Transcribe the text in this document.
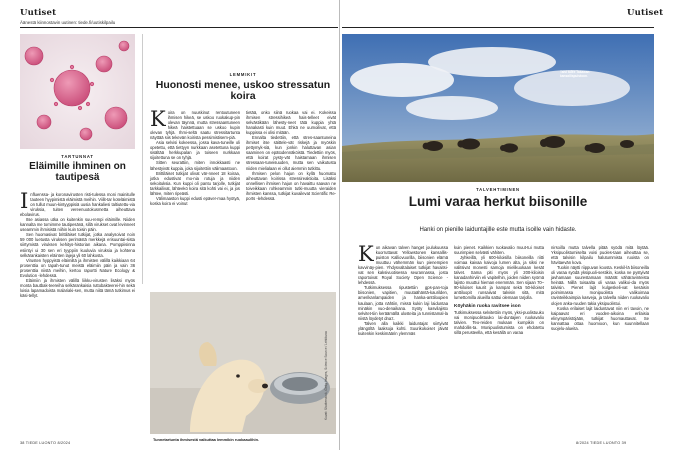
Uutiset
Äänestä kiinnostavin uutinen: tiede.fi/uutiskilpailu
Uutiset
TARTUNNAT
Eläimille ihminen on tautipesä
I nfluenssa- ja koronavirusten risti-tulessa moni mainitulle tauteen hyypimistä eläimistä meihin. Viilit-tar koteläimistä on tullut muun-kintyyppisiä uusia hankaliesi taltiutettu-via viruksia, tuiten vereenuotokusmetta aiheuttava ebolavirus.

Itse asiassa utka on kuitenkin suu-rempi eläimille. Niiden kannalta me tomimme tautipesänä, sillä virukset ovat levinneet useammin ihmisistä niihin kuin toisin päin.

Sen huomasivat brittiläiset tutkijat, jotka analysoivat noin 59 000 luetusta viruksen perimästä merkkejä erisuuntai-sista siirtymistä viruksen kehitys-historian aikana. Pomppiisinna esiintyi ui 30 sen eri tyyppiin kuuluvia viruksia ja kohtena selkärankaisten eläinten lajeja yli 60 lahkosta.

Virusten hyppyistä eläimiltä ja ihmisten välillä kaikkiaan 64 prosenttia on tapah-tunut meistä eläimiin päin ja vain 36 prosenttia niistä meihin, kertoo raportti Nature Ecology & Evolution -lehdessä.

Eläimiin ja ihmisten välillä liikku-virusten lisäksi myös monta bautbak-teereiha selkärankaisia ruttobakteerei-hin sekä loisia lapamadoista malariaki-sen, mutta niitä tämä tutkimus ei käsi-tellyt.

LEMMIKIT
Huonosti menee, uskoo stressatun koira
K oira on nuuskinut rentoutuneen ihmisen hikeä, se uskoo ruokakup-pin olevan täynnä, mutta stressaantuneen hikeä haistettuaan se uskoo kupin olevan tyhjä. Ihmi-seltä saatu stressitartunta näyttää siis tekevän koirista pessimistisem-piä.

Asia selvisi kokeessa, jossa kava-tuneille oli opetettu, että tiettyyn nurkkaan asetettuna kuppi sisältää herkkupalan ja toiseen nurkkaan sijoitettuna se on tyhjä.

Sitten seurattiin, miten innokkaasti ne lähestyivät kuppia, joka sijoitettiin välimaastoon.

Brittiläiset tutkijat olivat vär-nneet 18 koiraa, jotka edustivat mo-nia rotuja ja niiden sekoituksia. Kun kuppi oli pantu tarjolle, tutkijat tarkkailivat, lähteekö koira sitä kohti vai ei, ja jos lähtee, miten ripeästi.

Välimaaston kuppi edusti epäver-maa hyötyä, koska koira ei voinut

tietää, onko siinä ruokaa vai ei. Kokeissa ihmisen stressihikeä hais-telleet eivät selvästikään lähesty-neet tätä kuppia yhtä hanakasti kuin muut. Ehkä ne uumoilivat, että kuppissa ei olisi mitään.

Ennalta tiedettiin, että stres-saantuneina ihmiset itse säittele-vät riskejä ja myöskin pettymyk-siä, kun jonkin haluttavan asian saaminen on epätodennäköistä. Tiedettiin myös, että koirat pysty-vät haistamaan ihmisen stressaan-tuneisuuden, mutta sen vaikutusta niiden mielialaan ei ollut aiemmin tutkittu.

Ihmisen pelon hajun on kyllä huomattu aiheuttavan koirissa stressireaktioita. Lisäksi onnellisen ihmisen hajun on havaittu saavan ne toiveikkaan rohkeammin tutki-muutta vieraiden ihmisten kanssa, tutkijat kuvailevat Scientific Re-ports -lehdessä.

Tunnetartunta ihmisestä vaikuttaa lemmikin ruokaaulihin.
38 TIEDE LUONTO 8/2024
Talvi tulee Takawan kansallispuistoon.
TALVEHTIMINEN
Lumi varaa herkut biisonille
Hanki on pienille laiduntajille este mutta isoille vain hidaste.
K un aikavan talven hanget joulukuussa kuorruttavat Yellowstonen kansallis-puiston Kalliovuorilla, biisonien elämä muuttuu vähemmän kun pienempien kavvinäy-pien. Yhdysvaltalaiset tutkijat havaitsi-vat sen kaksivuotisessa seurannassa, josta raportoivat Royal Society Open Science -lehdessä.

Tutkimuksessa ripustettiin gps-pan-toja biisonien, vapitien, muutaähäntä-kaurilden, amerikanlampaiden ja hanka-anttiloopien kaulaan, jotta nähtiin, missä kukin laji laiduntaa minäkin vuo-denaikana. Syöty kasvilajisto selvitet-tiin keräämällä ulosteita ja tunnistamal-la niistä löydetyt dna:t.

Talven alla kaikki laiduntajat siirtyivät ylängöltä laaksoja kohti. Suurikokoiset jäivät kuitenkin keskimäärin ylemmäs

kuin pienet. Kaikkien ruokavalio muut-tui mutta suurimpien selvästi vähiten.

Jyhkeillä, yli 600-kiloisilla biisoneilla riitti voimaa kaivaa kaivoja lumen alta, ja siksi ne valitsivat monesti samoja mielikuokaan kesät talvet. Sama piti myös yli 200-kiloisin kanadanhirviin eli vapitelhin, joiden niiden syömä lajisto muuttui hieman enemmän. Sen sijaan 70–90-kiloiset kaurit ja kampat sekä 50-kiloiset anttiloopit runsaiivat talvisin sitä, mitä lumettomilla alueilla sattui olemaan tarjolla.

Köyhäkin ruoka ravitsee ison

Tutkimuksessa selvitettiin myös, yksi-puolistuuko vai monipuolistuuko lai-duntajien ruokavalio talvien. Teo-reiden mukaan kumpikin on mahdollis-ta. Monipuolistumista on ehdotettu sillä perusteella, että kesällä on varaa

nirsoilla mutta talvella pitää syödä mitä löytää. Yksipuolistumiselta voisi puoles-taan aiheuttaa se, että talvisin kilpailu halutummista ruoista on hävitaevän kova.

Tuokin näytti riippuvan koosta. Keskil-lä biisoneilla oli varaa syödä yksipuoli-sestikin, koska ne pystyivät javhamaan suurestamaan määrät vähäravinteista heinää. Niillä toisaalta oli varaa valikoi-da myös talvisin. Pienet lajit kulgeskeli-vat kesäisin poimimassa monipuolista valikoimaa ravinteikkaimpia kasveja, ja talvella niiden ruokavalio olojen anka-ruuden takia yksipuolistui.

Koska erilaiset lajit laiduntavat niin eri tavoin, ne kaipaavat eri vuoden-aikoina erilaisia elinympäristöjään, tutkijat huomauttavat. Se kannattaa ottaa huomioon, kun suunnitellaan suojelu-alueita.

Kuvat: Shutterstock, Getty Images, Science Source / Lehtikuva
8/2024 TIEDE LUONTO 39
